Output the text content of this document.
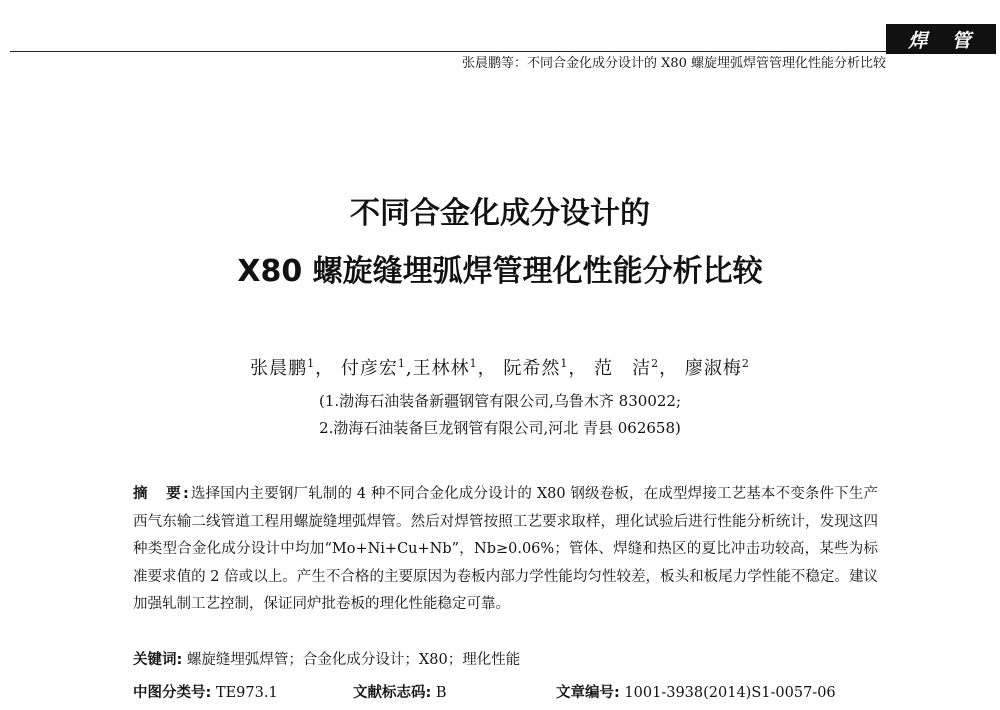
焊 管
张晨鹏等：不同合金化成分设计的 X80 螺旋埋弧焊管管理化性能分析比较
不同合金化成分设计的
X80 螺旋缝埋弧焊管理化性能分析比较
张晨鹏$^1$， 付彦宏$^1$,王林林$^1$， 阮希然$^1$， 范　洁$^2$， 廖淑梅$^2$
(1.渤海石油装备新疆钢管有限公司,乌鲁木齐 830022;
2.渤海石油装备巨龙钢管有限公司,河北 青县 062658)
摘　要:选择国内主要钢厂轧制的 4 种不同合金化成分设计的 X80 钢级卷板，在成型焊接工艺基本不变条件下生产西气东输二线管道工程用螺旋缝埋弧焊管。然后对焊管按照工艺要求取样，理化试验后进行性能分析统计，发现这四种类型合金化成分设计中均加“Mo+Ni+Cu+Nb”，Nb≥0.06%；管体、焊缝和热区的夏比冲击功较高，某些为标准要求值的 2 倍或以上。产生不合格的主要原因为卷板内部力学性能均匀性较差，板头和板尾力学性能不稳定。建议加强轧制工艺控制，保证同炉批卷板的理化性能稳定可靠。
关键词: 螺旋缝埋弧焊管；合金化成分设计；X80；理化性能
中图分类号: TE973.1	文献标志码: B	文章编号: 1001-3938(2014)S1-0057-06
